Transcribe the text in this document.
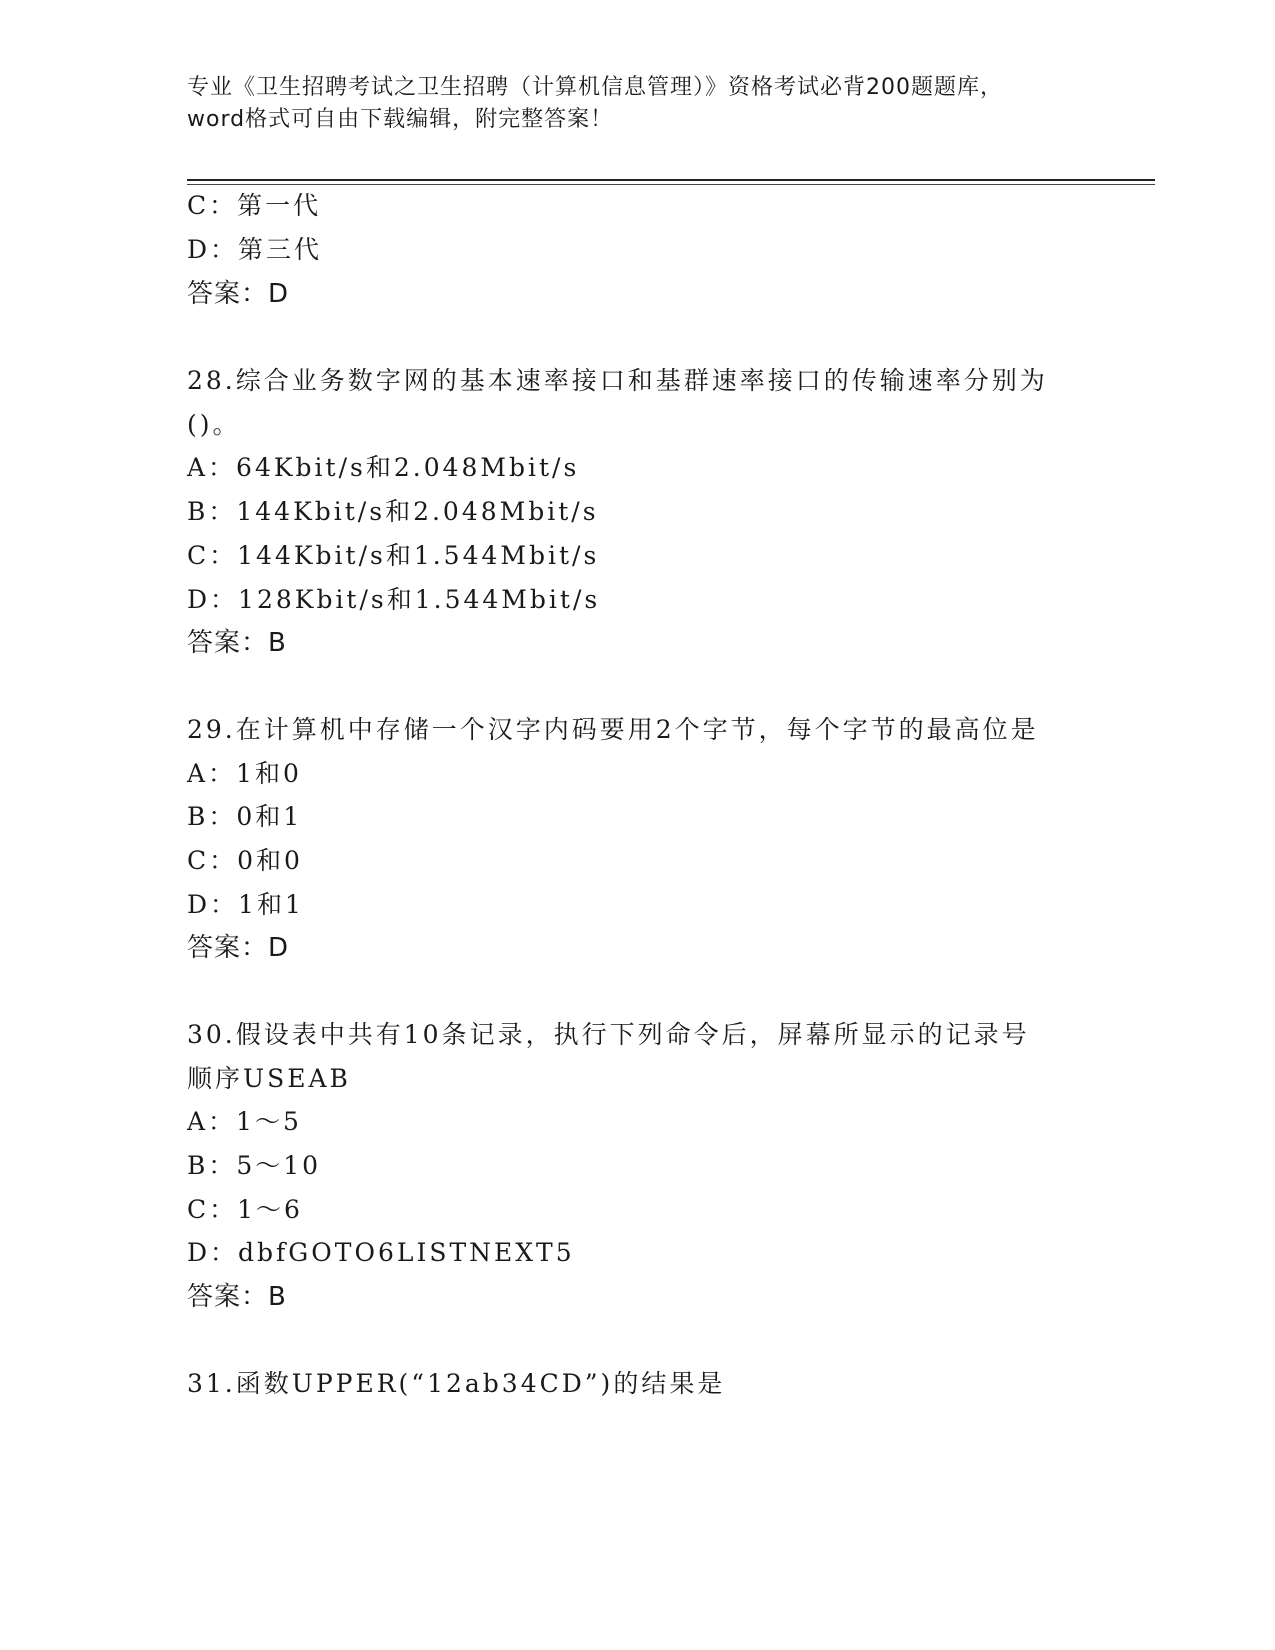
专业《卫生招聘考试之卫生招聘（计算机信息管理）》资格考试必背200题题库，
word格式可自由下载编辑，附完整答案！
C：第一代
D：第三代
答案：D
28.综合业务数字网的基本速率接口和基群速率接口的传输速率分别为
()。
A：64Kbit/s和2.048Mbit/s
B：144Kbit/s和2.048Mbit/s
C：144Kbit/s和1.544Mbit/s
D：128Kbit/s和1.544Mbit/s
答案：B
29.在计算机中存储一个汉字内码要用2个字节，每个字节的最高位是
A：1和0
B：0和1
C：0和0
D：1和1
答案：D
30.假设表中共有10条记录，执行下列命令后，屏幕所显示的记录号
顺序USEAB
A：1～5
B：5～10
C：1～6
D：dbfGOTO6LISTNEXT5
答案：B
31.函数UPPER(“12ab34CD”)的结果是
